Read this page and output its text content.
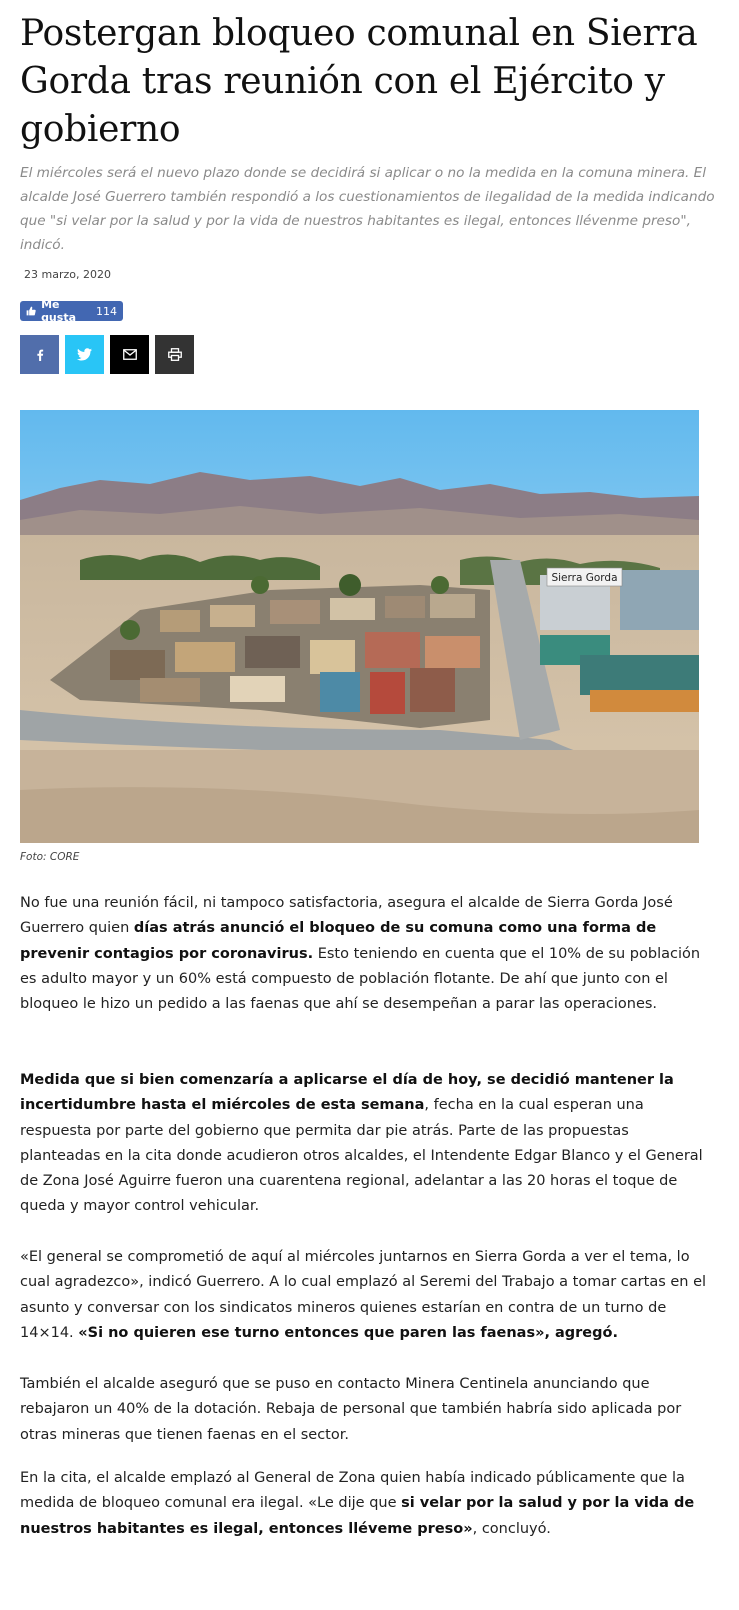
Postergan bloqueo comunal en Sierra Gorda tras reunión con el Ejército y gobierno

El miércoles será el nuevo plazo donde se decidirá si aplicar o no la medida en la comuna minera. El alcalde José Guerrero también respondió a los cuestionamientos de ilegalidad de la medida indicando que "si velar por la salud y por la vida de nuestros habitantes es ilegal, entonces llévenme preso", indicó.

23 marzo, 2020
Me gusta	114
Sierra Gorda
Foto: CORE

No fue una reunión fácil, ni tampoco satisfactoria, asegura el alcalde de Sierra Gorda José Guerrero quien días atrás anunció el bloqueo de su comuna como una forma de prevenir contagios por coronavirus. Esto teniendo en cuenta que el 10% de su población es adulto mayor y un 60% está compuesto de población flotante. De ahí que junto con el bloqueo le hizo un pedido a las faenas que ahí se desempeñan a parar las operaciones.

Medida que si bien comenzaría a aplicarse el día de hoy, se decidió mantener la incertidumbre hasta el miércoles de esta semana, fecha en la cual esperan una respuesta por parte del gobierno que permita dar pie atrás. Parte de las propuestas planteadas en la cita donde acudieron otros alcaldes, el Intendente Edgar Blanco y el General de Zona José Aguirre fueron una cuarentena regional, adelantar a las 20 horas el toque de queda y mayor control vehicular.

«El general se comprometió de aquí al miércoles juntarnos en Sierra Gorda a ver el tema, lo cual agradezco», indicó Guerrero. A lo cual emplazó al Seremi del Trabajo a tomar cartas en el asunto y conversar con los sindicatos mineros quienes estarían en contra de un turno de 14×14. «Si no quieren ese turno entonces que paren las faenas», agregó.

También el alcalde aseguró que se puso en contacto Minera Centinela anunciando que rebajaron un 40% de la dotación. Rebaja de personal que también habría sido aplicada por otras mineras que tienen faenas en el sector.

En la cita, el alcalde emplazó al General de Zona quien había indicado públicamente que la medida de bloqueo comunal era ilegal. «Le dije que si velar por la salud y por la vida de nuestros habitantes es ilegal, entonces lléveme preso», concluyó.
